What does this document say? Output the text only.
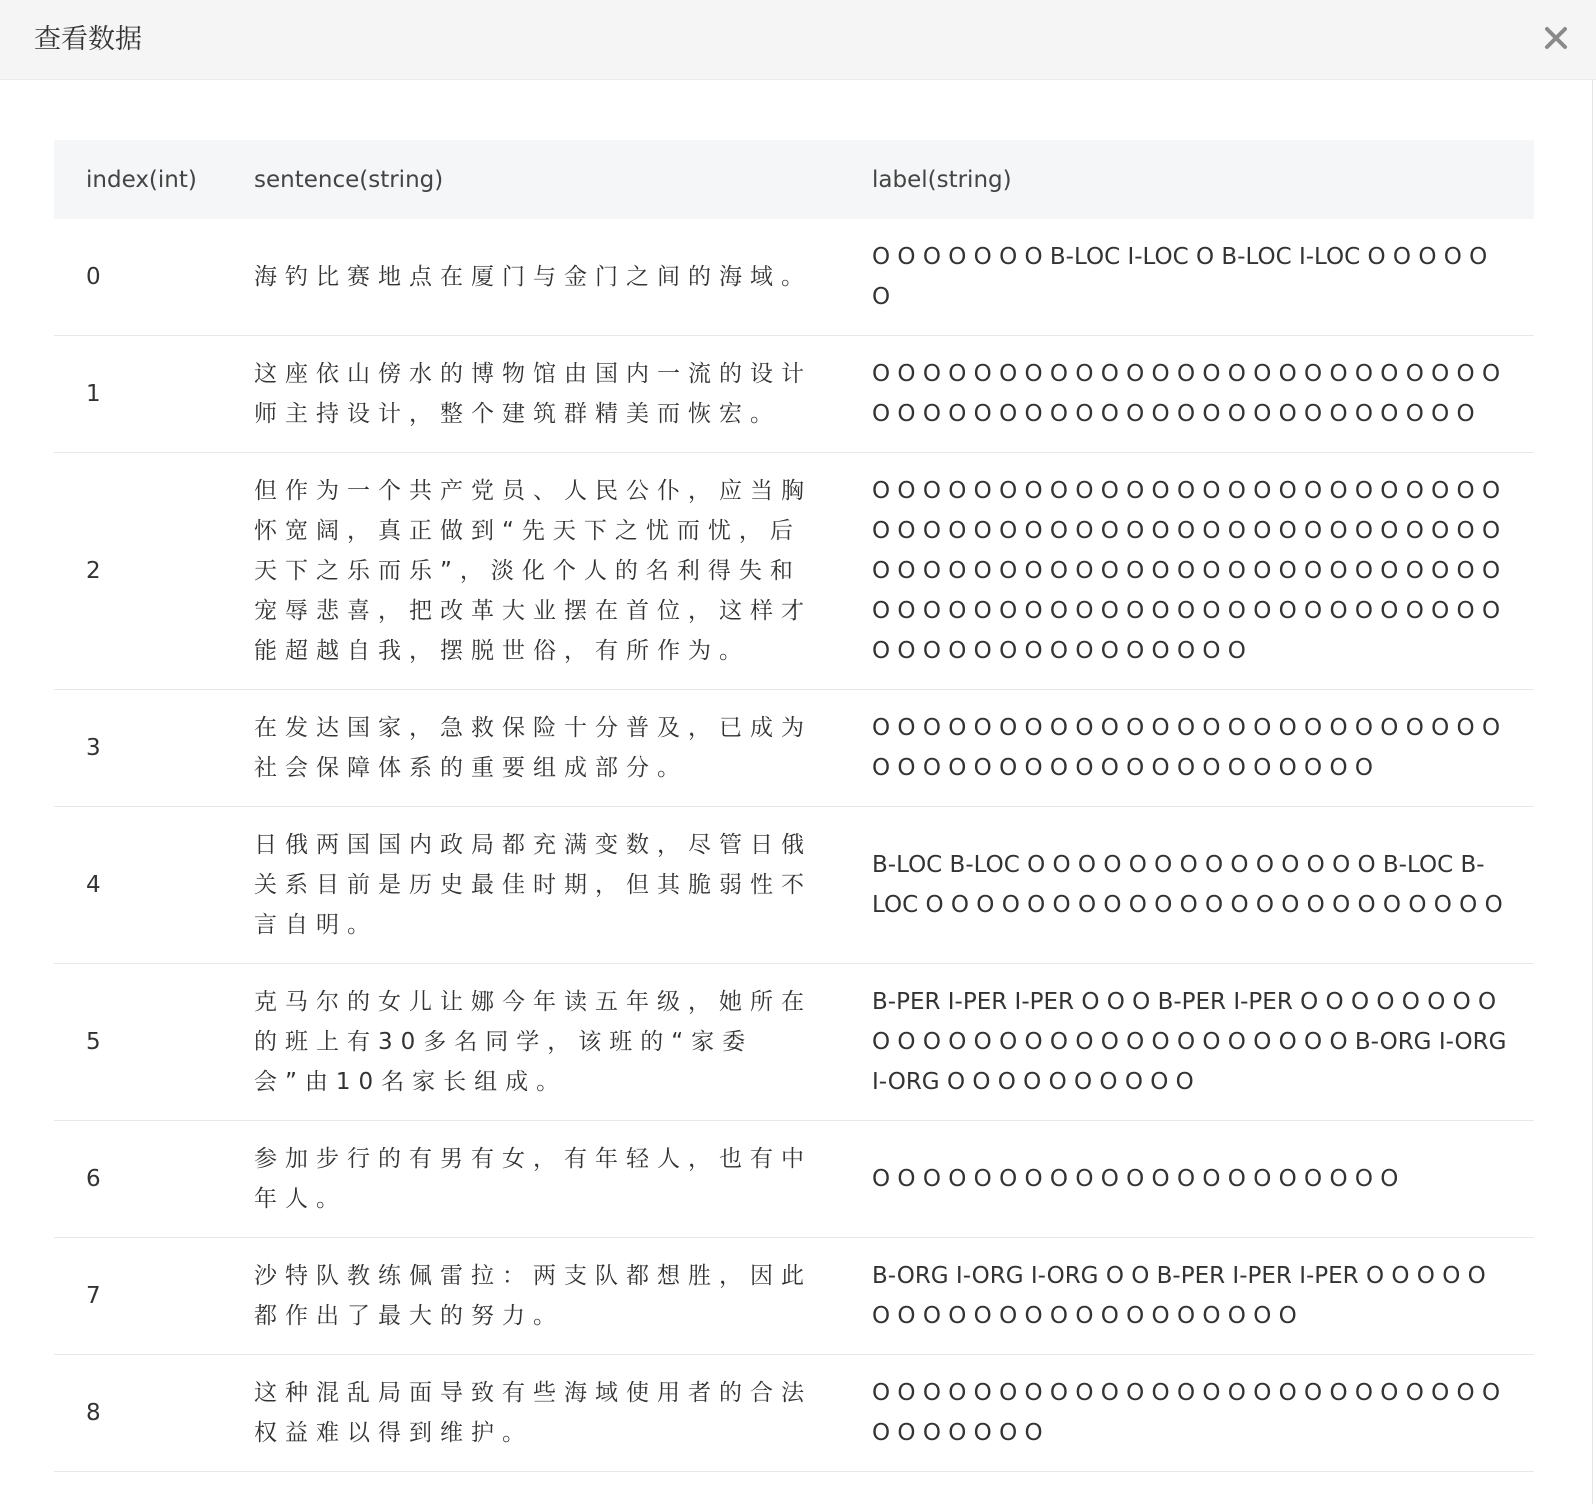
查看数据
index(int)	sentence(string)	label(string)
0	海钓比赛地点在厦门与金门之间的海域。	O O O O O O O B-LOC I-LOC O B-LOC I-LOC O O O O O O
1	这座依山傍水的博物馆由国内一流的设计师主持设计，整个建筑群精美而恢宏。	O O O O O O O O O O O O O O O O O O O O O O O O O O O O O O O O O O O O O O O O O O O O O O O O O
2	但作为一个共产党员、人民公仆，应当胸怀宽阔，真正做到“先天下之忧而忧，后天下之乐而乐”，淡化个人的名利得失和宠辱悲喜，把改革大业摆在首位，这样才能超越自我，摆脱世俗，有所作为。	O O O O O O O O O O O O O O O O O O O O O O O O O O O O O O O O O O O O O O O O O O O O O O O O O O O O O O O O O O O O O O O O O O O O O O O O O O O O O O O O O O O O O O O O O O O O O O O O O O O O O O O O O O O O O O O O O O O
3	在发达国家，急救保险十分普及，已成为社会保障体系的重要组成部分。	O O O O O O O O O O O O O O O O O O O O O O O O O O O O O O O O O O O O O O O O O O O O O
4	日俄两国国内政局都充满变数，尽管日俄关系目前是历史最佳时期，但其脆弱性不言自明。	B-LOC B-LOC O O O O O O O O O O O O O O B-LOC B-LOC O O O O O O O O O O O O O O O O O O O O O O O
5	克马尔的女儿让娜今年读五年级，她所在的班上有30多名同学，该班的“家委会”由10名家长组成。	B-PER I-PER I-PER O O O B-PER I-PER O O O O O O O O O O O O O O O O O O O O O O O O O O O B-ORG I-ORG I-ORG O O O O O O O O O O
6	参加步行的有男有女，有年轻人，也有中年人。	O O O O O O O O O O O O O O O O O O O O O
7	沙特队教练佩雷拉：两支队都想胜，因此都作出了最大的努力。	B-ORG I-ORG I-ORG O O B-PER I-PER I-PER O O O O O O O O O O O O O O O O O O O O O O
8	这种混乱局面导致有些海域使用者的合法权益难以得到维护。	O O O O O O O O O O O O O O O O O O O O O O O O O O O O O O O O
